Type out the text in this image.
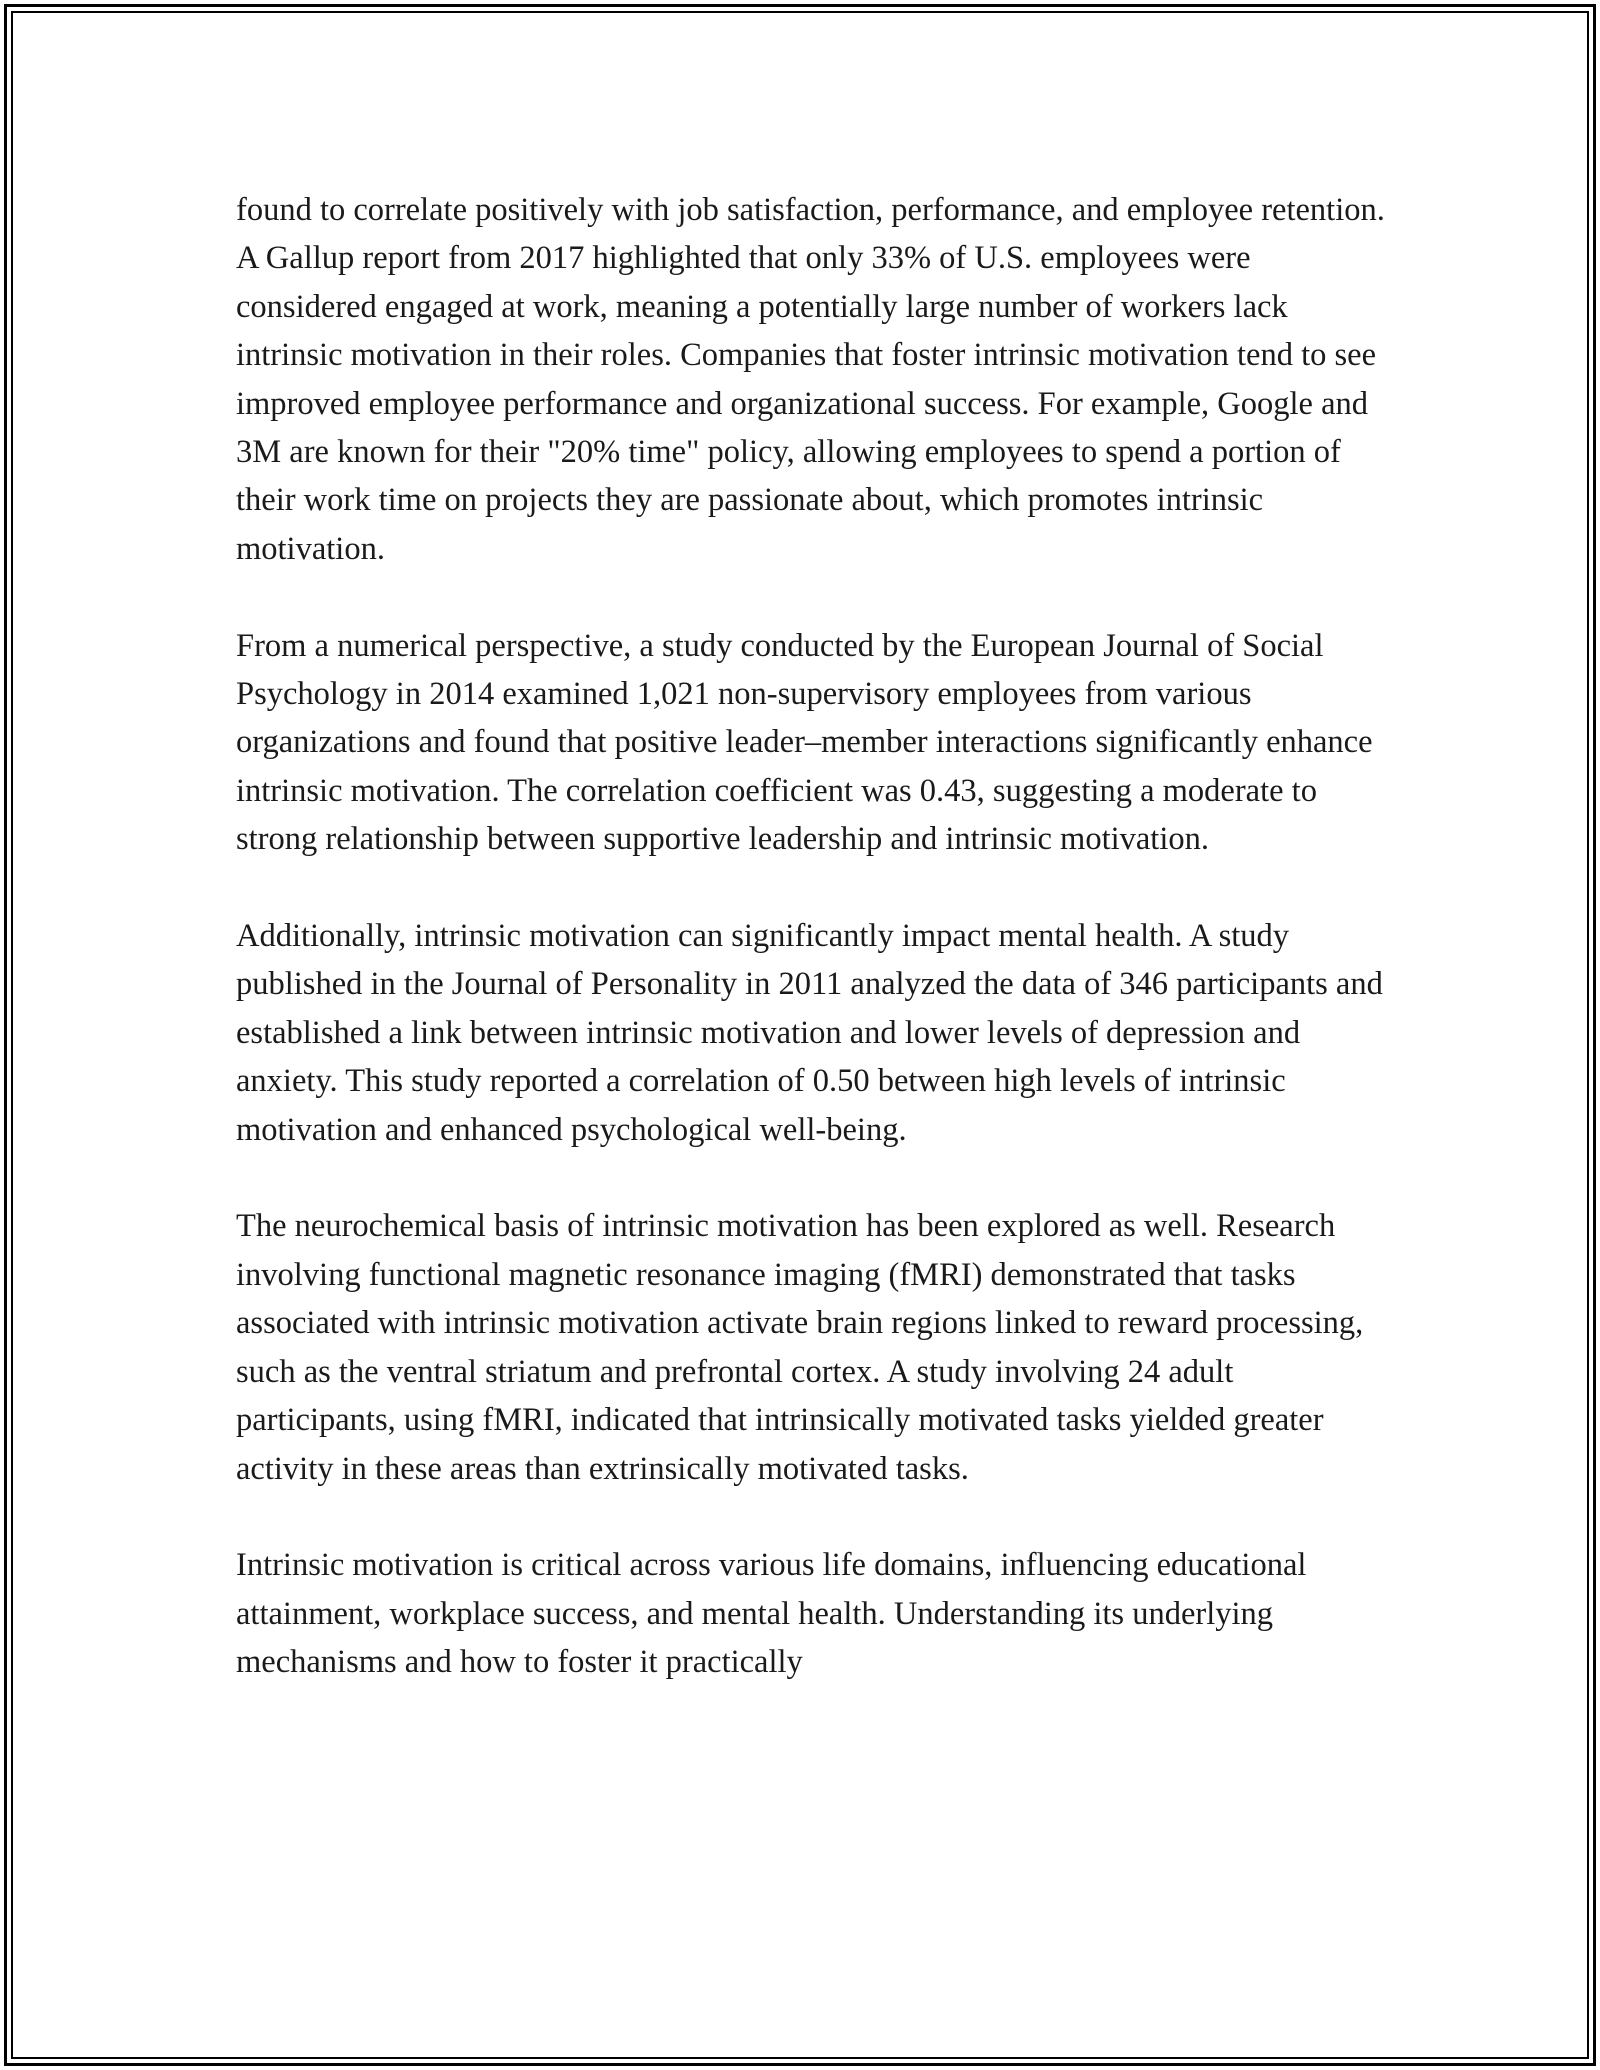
found to correlate positively with job satisfaction, performance, and employee retention. A Gallup report from 2017 highlighted that only 33% of U.S. employees were considered engaged at work, meaning a potentially large number of workers lack intrinsic motivation in their roles. Companies that foster intrinsic motivation tend to see improved employee performance and organizational success. For example, Google and 3M are known for their "20% time" policy, allowing employees to spend a portion of their work time on projects they are passionate about, which promotes intrinsic motivation.

From a numerical perspective, a study conducted by the European Journal of Social Psychology in 2014 examined 1,021 non-supervisory employees from various organizations and found that positive leader–member interactions significantly enhance intrinsic motivation. The correlation coefficient was 0.43, suggesting a moderate to strong relationship between supportive leadership and intrinsic motivation.

Additionally, intrinsic motivation can significantly impact mental health. A study published in the Journal of Personality in 2011 analyzed the data of 346 participants and established a link between intrinsic motivation and lower levels of depression and anxiety. This study reported a correlation of 0.50 between high levels of intrinsic motivation and enhanced psychological well-being.

The neurochemical basis of intrinsic motivation has been explored as well. Research involving functional magnetic resonance imaging (fMRI) demonstrated that tasks associated with intrinsic motivation activate brain regions linked to reward processing, such as the ventral striatum and prefrontal cortex. A study involving 24 adult participants, using fMRI, indicated that intrinsically motivated tasks yielded greater activity in these areas than extrinsically motivated tasks.

Intrinsic motivation is critical across various life domains, influencing educational attainment, workplace success, and mental health. Understanding its underlying mechanisms and how to foster it practically
